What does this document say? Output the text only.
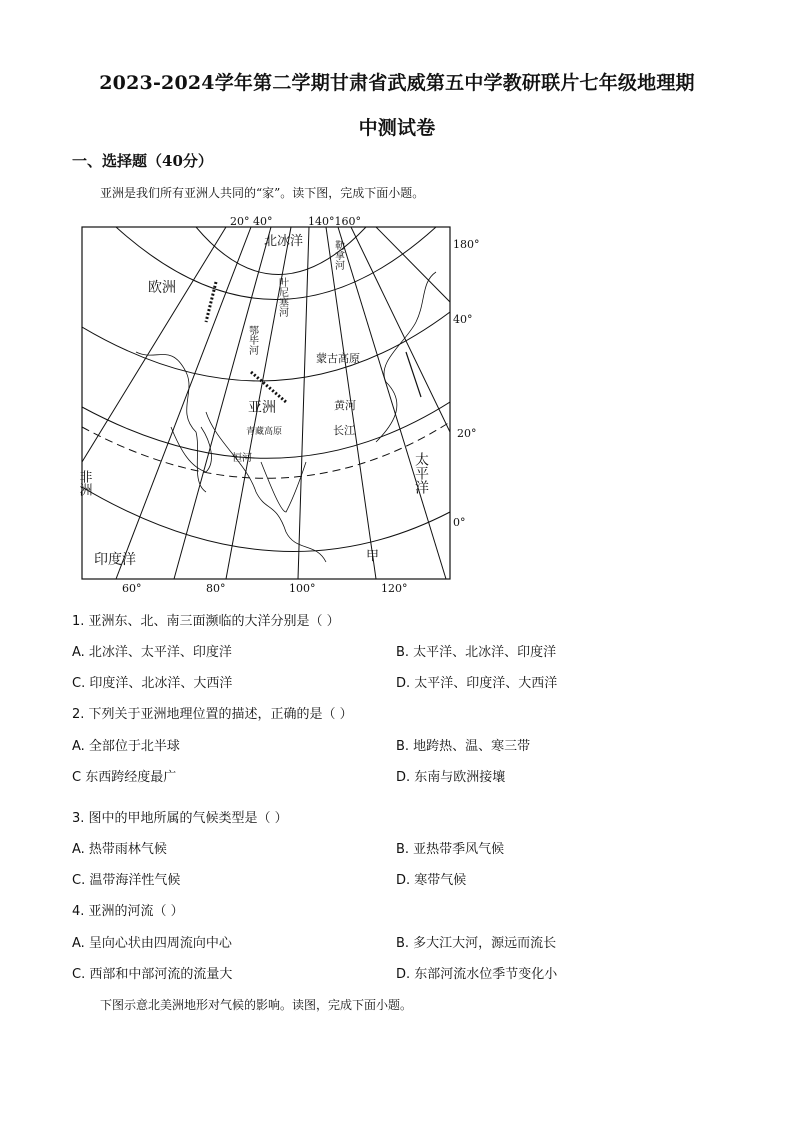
2023-2024学年第二学期甘肃省武威第五中学教研联片七年级地理期
中测试卷
一、选择题（40分）
亚洲是我们所有亚洲人共同的“家”。读下图，完成下面小题。
20° 40°	140°160°
180°
40°
20°
0°
60°	80°	100°	120°
北冰洋
欧洲
亚洲
非洲
印度洋
太平洋
蒙古高原
黄河
长江
叶尼塞河
鄂毕河
勒拿河
恒河
青藏高原
甲
1. 亚洲东、北、南三面濒临的大洋分别是（ ）
A. 北冰洋、太平洋、印度洋	B. 太平洋、北冰洋、印度洋
C. 印度洋、北冰洋、大西洋	D. 太平洋、印度洋、大西洋
2. 下列关于亚洲地理位置的描述，正确的是（ ）
A. 全部位于北半球	B. 地跨热、温、寒三带
C 东西跨经度最广	D. 东南与欧洲接壤
3. 图中的甲地所属的气候类型是（ ）
A. 热带雨林气候	B. 亚热带季风气候
C. 温带海洋性气候	D. 寒带气候
4. 亚洲的河流（ ）
A. 呈向心状由四周流向中心	B. 多大江大河，源远而流长
C. 西部和中部河流的流量大	D. 东部河流水位季节变化小
下图示意北美洲地形对气候的影响。读图，完成下面小题。
